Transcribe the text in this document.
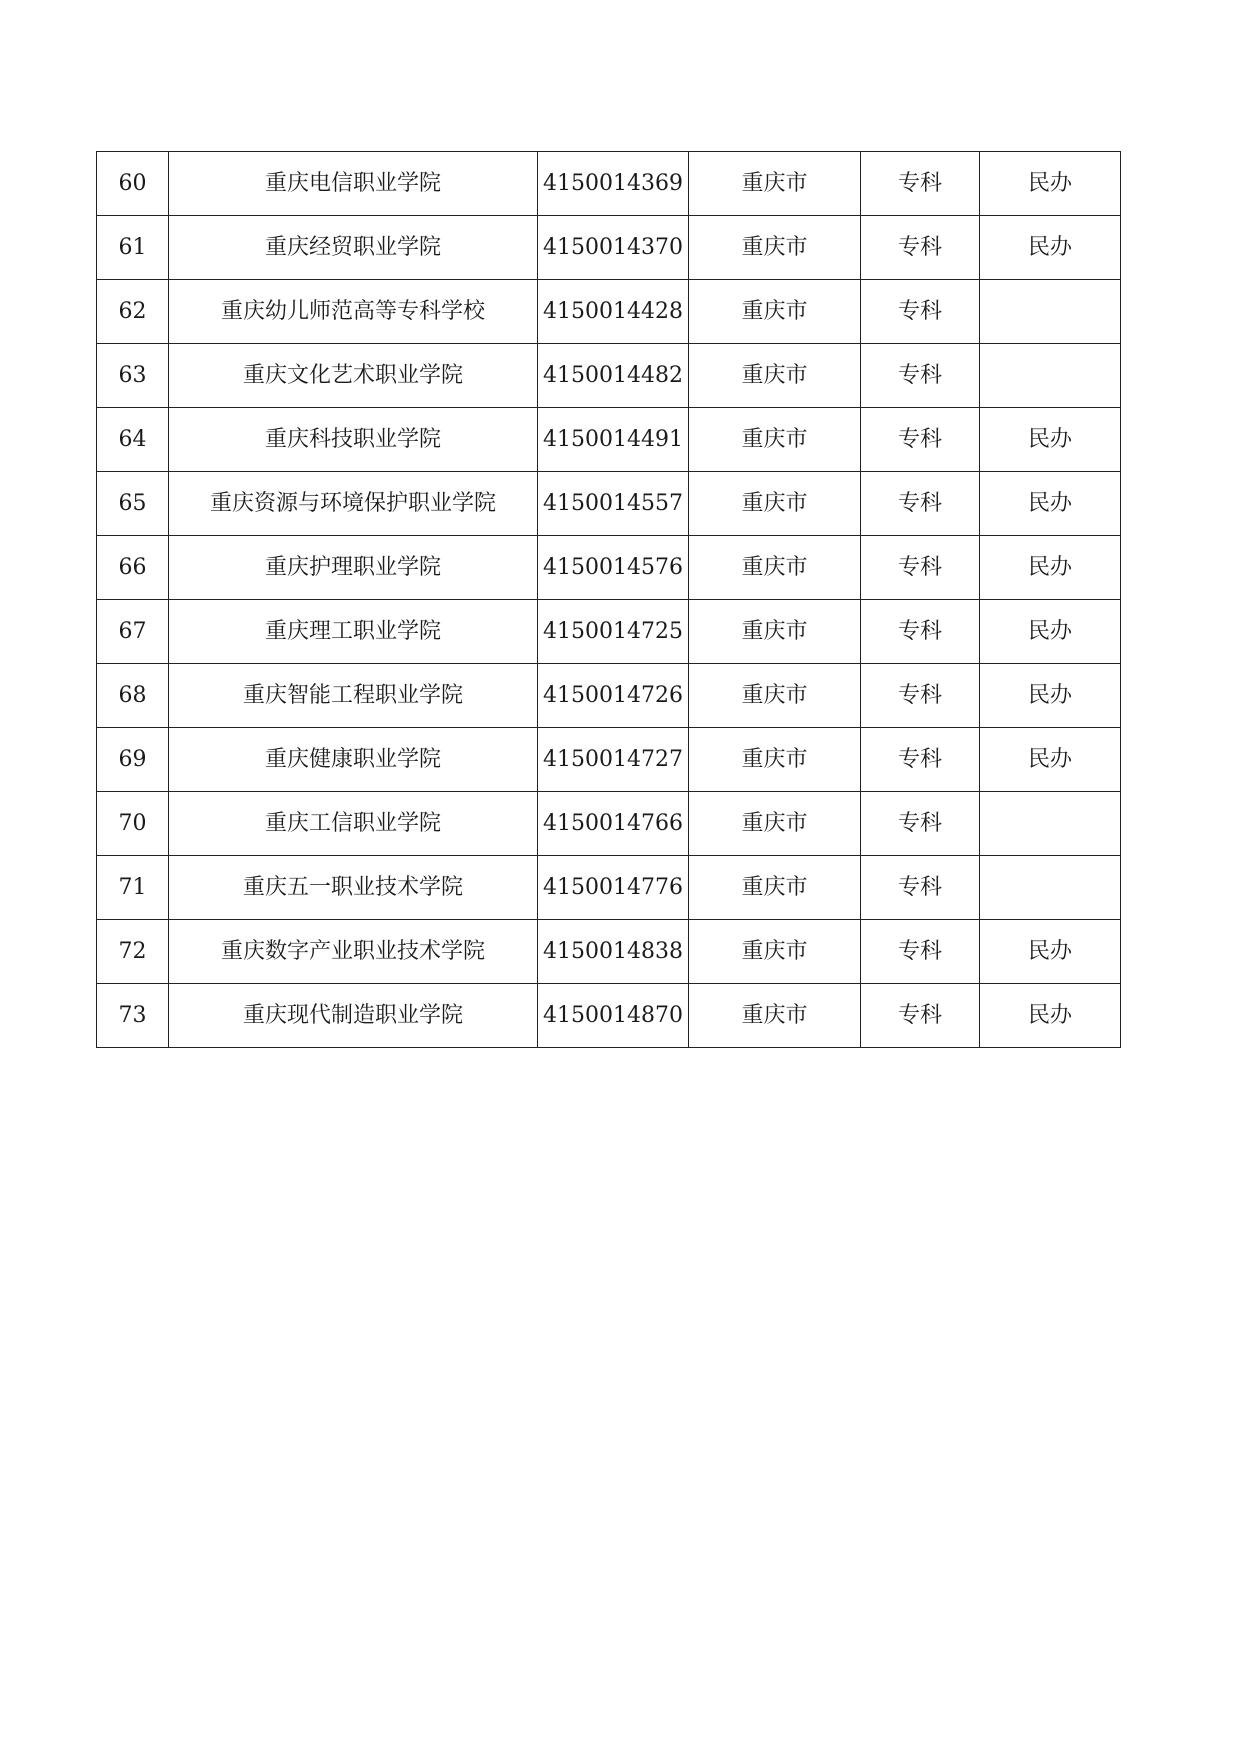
60	重庆电信职业学院	4150014369	重庆市	专科	民办
61	重庆经贸职业学院	4150014370	重庆市	专科	民办
62	重庆幼儿师范高等专科学校	4150014428	重庆市	专科	
63	重庆文化艺术职业学院	4150014482	重庆市	专科	
64	重庆科技职业学院	4150014491	重庆市	专科	民办
65	重庆资源与环境保护职业学院	4150014557	重庆市	专科	民办
66	重庆护理职业学院	4150014576	重庆市	专科	民办
67	重庆理工职业学院	4150014725	重庆市	专科	民办
68	重庆智能工程职业学院	4150014726	重庆市	专科	民办
69	重庆健康职业学院	4150014727	重庆市	专科	民办
70	重庆工信职业学院	4150014766	重庆市	专科	
71	重庆五一职业技术学院	4150014776	重庆市	专科	
72	重庆数字产业职业技术学院	4150014838	重庆市	专科	民办
73	重庆现代制造职业学院	4150014870	重庆市	专科	民办
